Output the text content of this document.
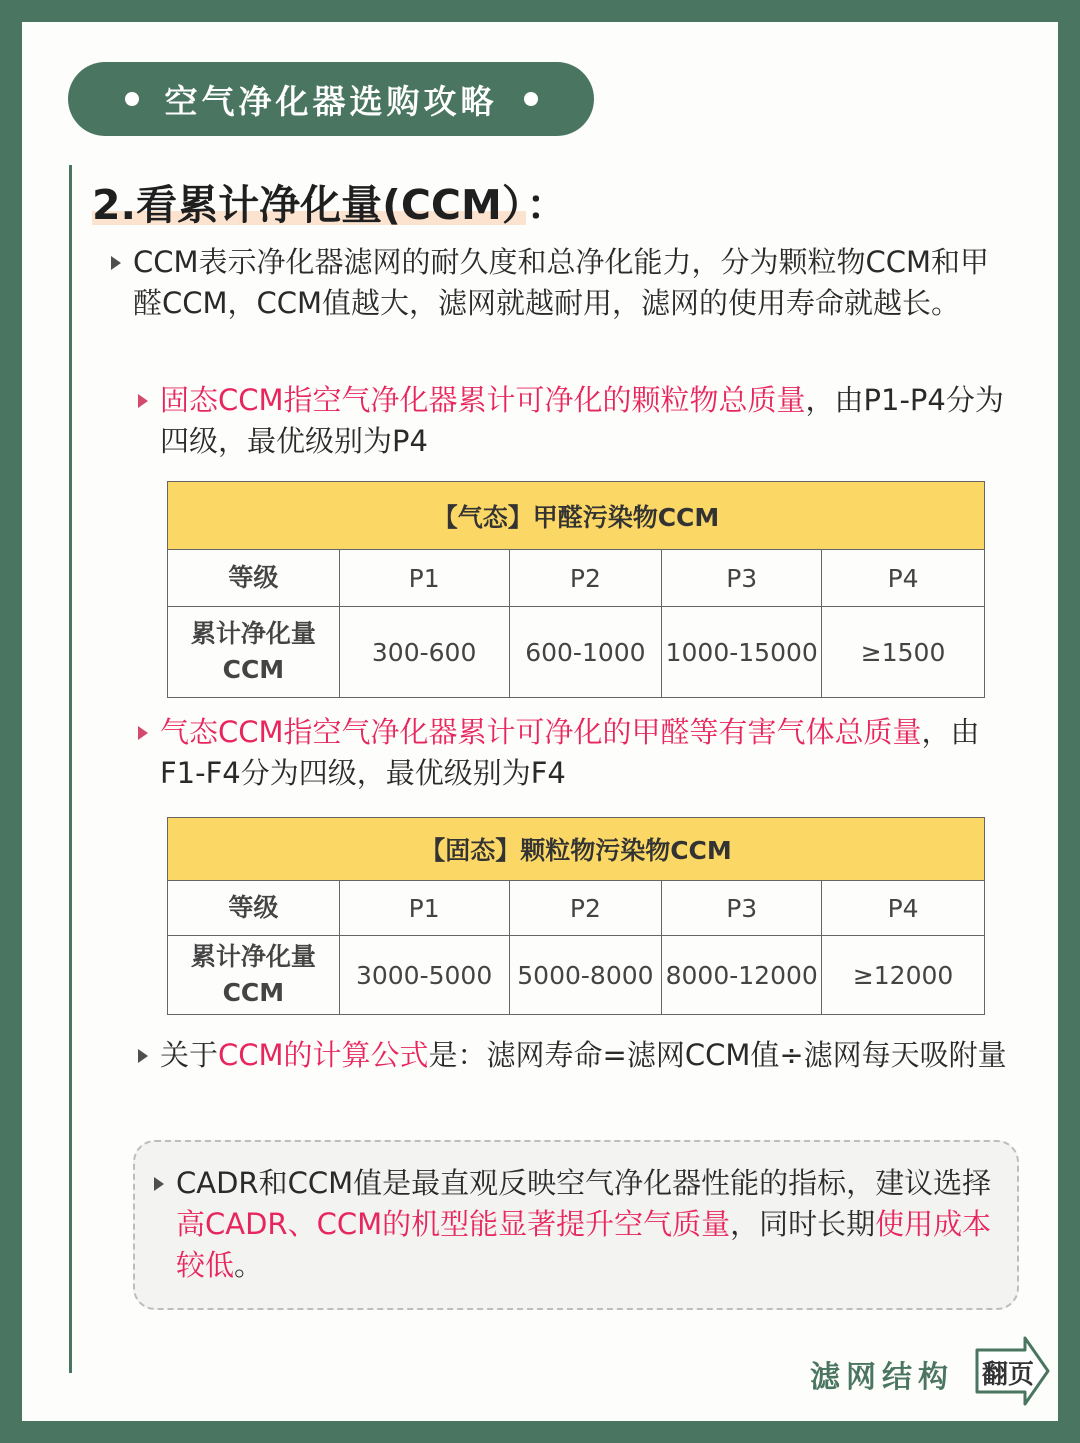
空气净化器选购攻略
2.看累计净化量(CCM）：
CCM表示净化器滤网的耐久度和总净化能力，分为颗粒物CCM和甲醛CCM，CCM值越大，滤网就越耐用，滤网的使用寿命就越长。
固态CCM指空气净化器累计可净化的颗粒物总质量，由P1-P4分为四级，最优级别为P4
【气态】甲醛污染物CCM				
等级	P1	P2	P3	P4

累计净化量
CCM	300-600	600-1000	1000-15000	≥1500
气态CCM指空气净化器累计可净化的甲醛等有害气体总质量，由F1-F4分为四级，最优级别为F4
【固态】颗粒物污染物CCM				
等级	P1	P2	P3	P4

累计净化量
CCM	3000-5000	5000-8000	8000-12000	≥12000
关于CCM的计算公式是：滤网寿命=滤网CCM值÷滤网每天吸附量
CADR和CCM值是最直观反映空气净化器性能的指标，建议选择高CADR、CCM的机型能显著提升空气质量，同时长期使用成本较低。
滤网结构 翻页
